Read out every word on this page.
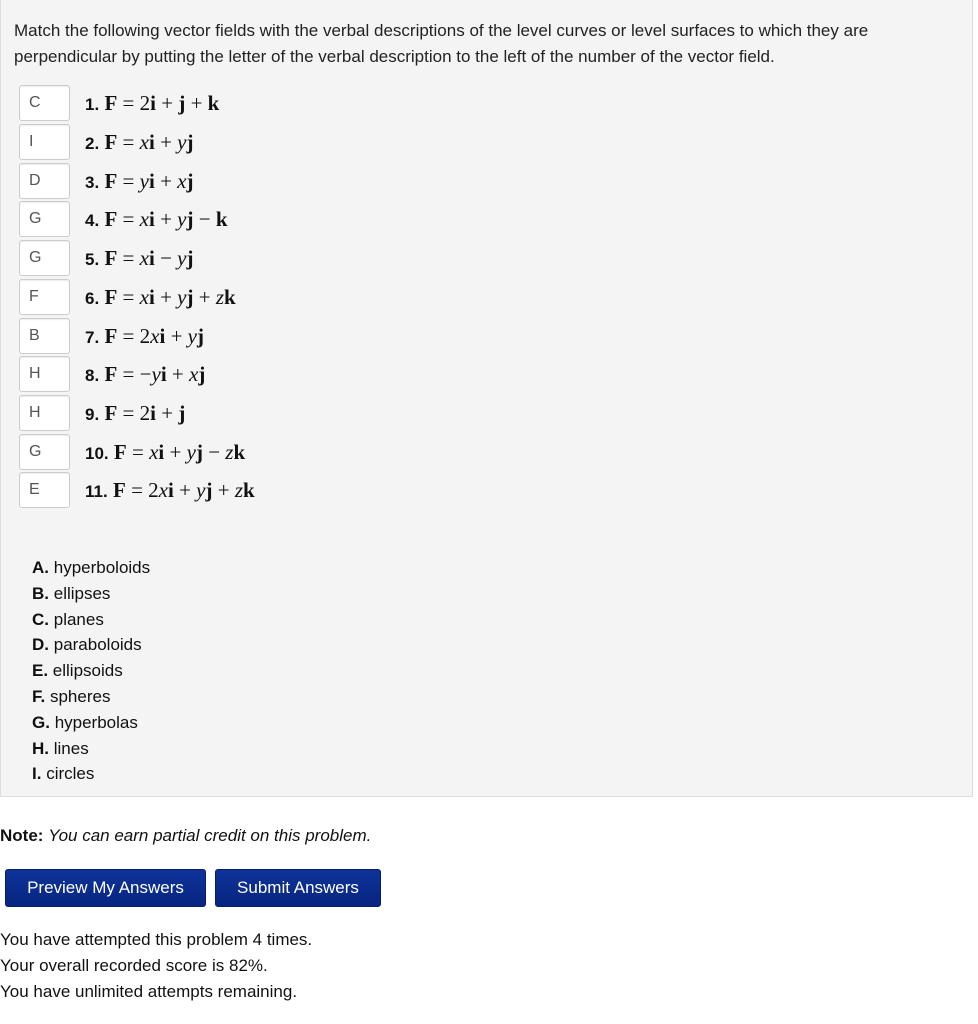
Match the following vector fields with the verbal descriptions of the level curves or level surfaces to which they are perpendicular by putting the letter of the verbal description to the left of the number of the vector field.
C
1. F = 2i + j + k
I
2. F = xi + yj
D
3. F = yi + xj
G
4. F = xi + yj − k
G
5. F = xi − yj
F
6. F = xi + yj + zk
B
7. F = 2xi + yj
H
8. F = −yi + xj
H
9. F = 2i + j
G
10. F = xi + yj − zk
E
11. F = 2xi + yj + zk
A. hyperboloids
B. ellipses
C. planes
D. paraboloids
E. ellipsoids
F. spheres
G. hyperbolas
H. lines
I. circles
Note: You can earn partial credit on this problem.
Preview My Answers	Submit Answers
You have attempted this problem 4 times.
Your overall recorded score is 82%.
You have unlimited attempts remaining.
